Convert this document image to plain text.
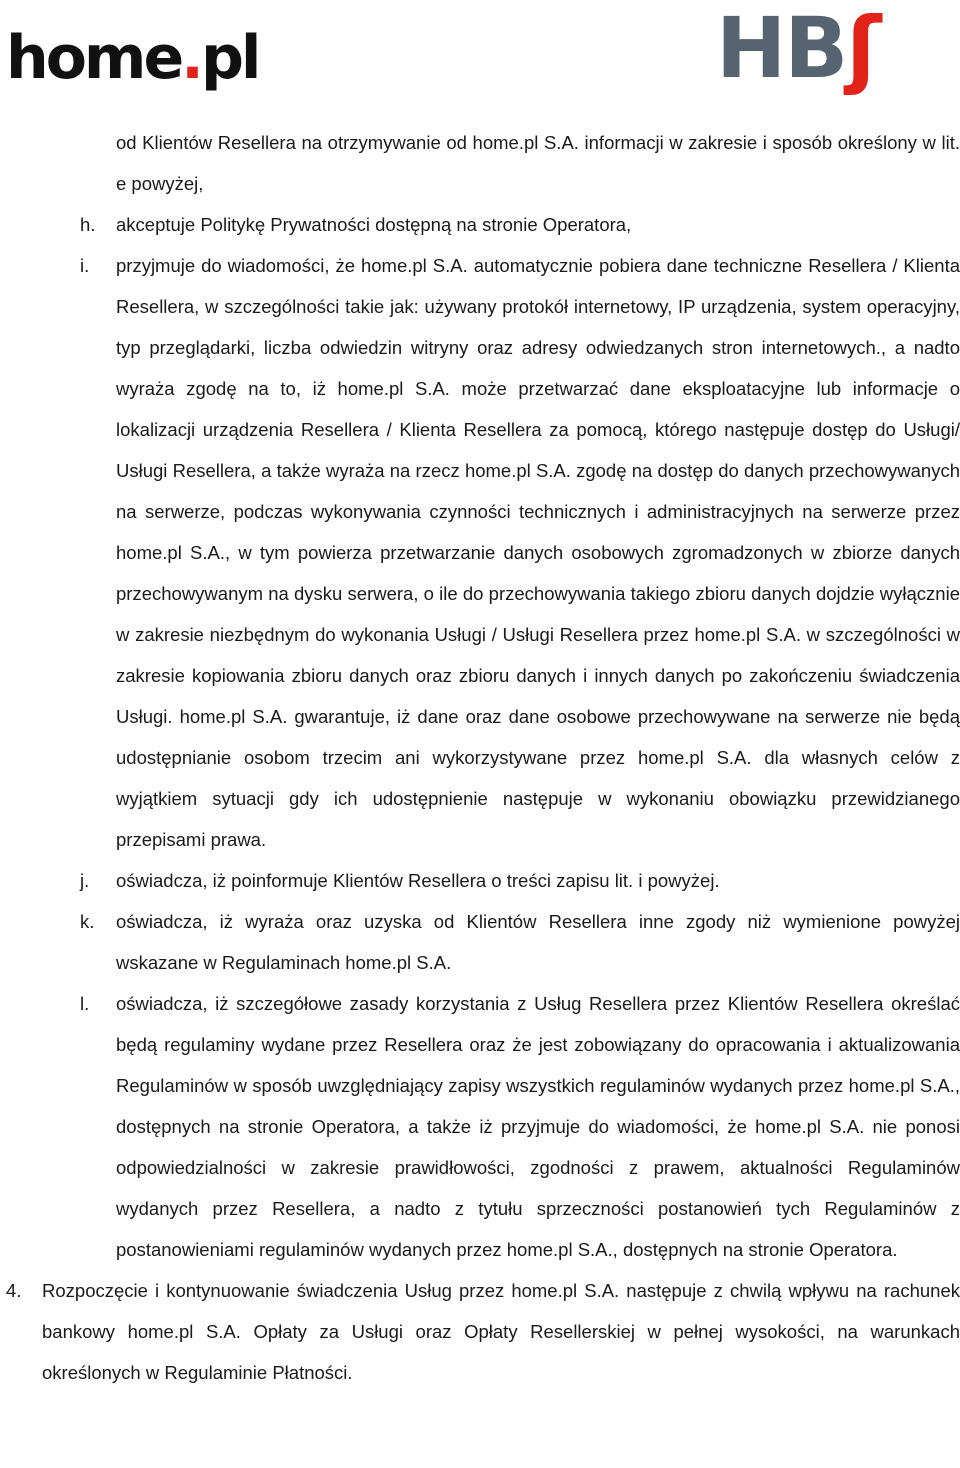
home.pl	HBʃ
od Klientów Resellera na otrzymywanie od home.pl S.A. informacji w zakresie i sposób określony w lit. e powyżej,
h. akceptuje Politykę Prywatności dostępną na stronie Operatora,
i. przyjmuje do wiadomości, że home.pl S.A. automatycznie pobiera dane techniczne Resellera / Klienta Resellera, w szczególności takie jak: używany protokół internetowy, IP urządzenia, system operacyjny, typ przeglądarki, liczba odwiedzin witryny oraz adresy odwiedzanych stron internetowych., a nadto wyraża zgodę na to, iż home.pl S.A. może przetwarzać dane eksploatacyjne lub informacje o lokalizacji urządzenia Resellera / Klienta Resellera za pomocą, którego następuje dostęp do Usługi/ Usługi Resellera, a także wyraża na rzecz home.pl S.A. zgodę na dostęp do danych przechowywanych na serwerze, podczas wykonywania czynności technicznych i administracyjnych na serwerze przez home.pl S.A., w tym powierza przetwarzanie danych osobowych zgromadzonych w zbiorze danych przechowywanym na dysku serwera, o ile do przechowywania takiego zbioru danych dojdzie wyłącznie w zakresie niezbędnym do wykonania Usługi / Usługi Resellera przez home.pl S.A. w szczególności w zakresie kopiowania zbioru danych oraz zbioru danych i innych danych po zakończeniu świadczenia Usługi. home.pl S.A. gwarantuje, iż dane oraz dane osobowe przechowywane na serwerze nie będą udostępnianie osobom trzecim ani wykorzystywane przez home.pl S.A. dla własnych celów z wyjątkiem sytuacji gdy ich udostępnienie następuje w wykonaniu obowiązku przewidzianego przepisami prawa.
j. oświadcza, iż poinformuje Klientów Resellera o treści zapisu lit. i powyżej.
k. oświadcza, iż wyraża oraz uzyska od Klientów Resellera inne zgody niż wymienione powyżej wskazane w Regulaminach home.pl S.A.
l. oświadcza, iż szczegółowe zasady korzystania z Usług Resellera przez Klientów Resellera określać będą regulaminy wydane przez Resellera oraz że jest zobowiązany do opracowania i aktualizowania Regulaminów w sposób uwzględniający zapisy wszystkich regulaminów wydanych przez home.pl S.A., dostępnych na stronie Operatora, a także iż przyjmuje do wiadomości, że home.pl S.A. nie ponosi odpowiedzialności w zakresie prawidłowości, zgodności z prawem, aktualności Regulaminów wydanych przez Resellera, a nadto z tytułu sprzeczności postanowień tych Regulaminów z postanowieniami regulaminów wydanych przez home.pl S.A., dostępnych na stronie Operatora.
4. Rozpoczęcie i kontynuowanie świadczenia Usług przez home.pl S.A. następuje z chwilą wpływu na rachunek bankowy home.pl S.A. Opłaty za Usługi oraz Opłaty Resellerskiej w pełnej wysokości, na warunkach określonych w Regulaminie Płatności.
